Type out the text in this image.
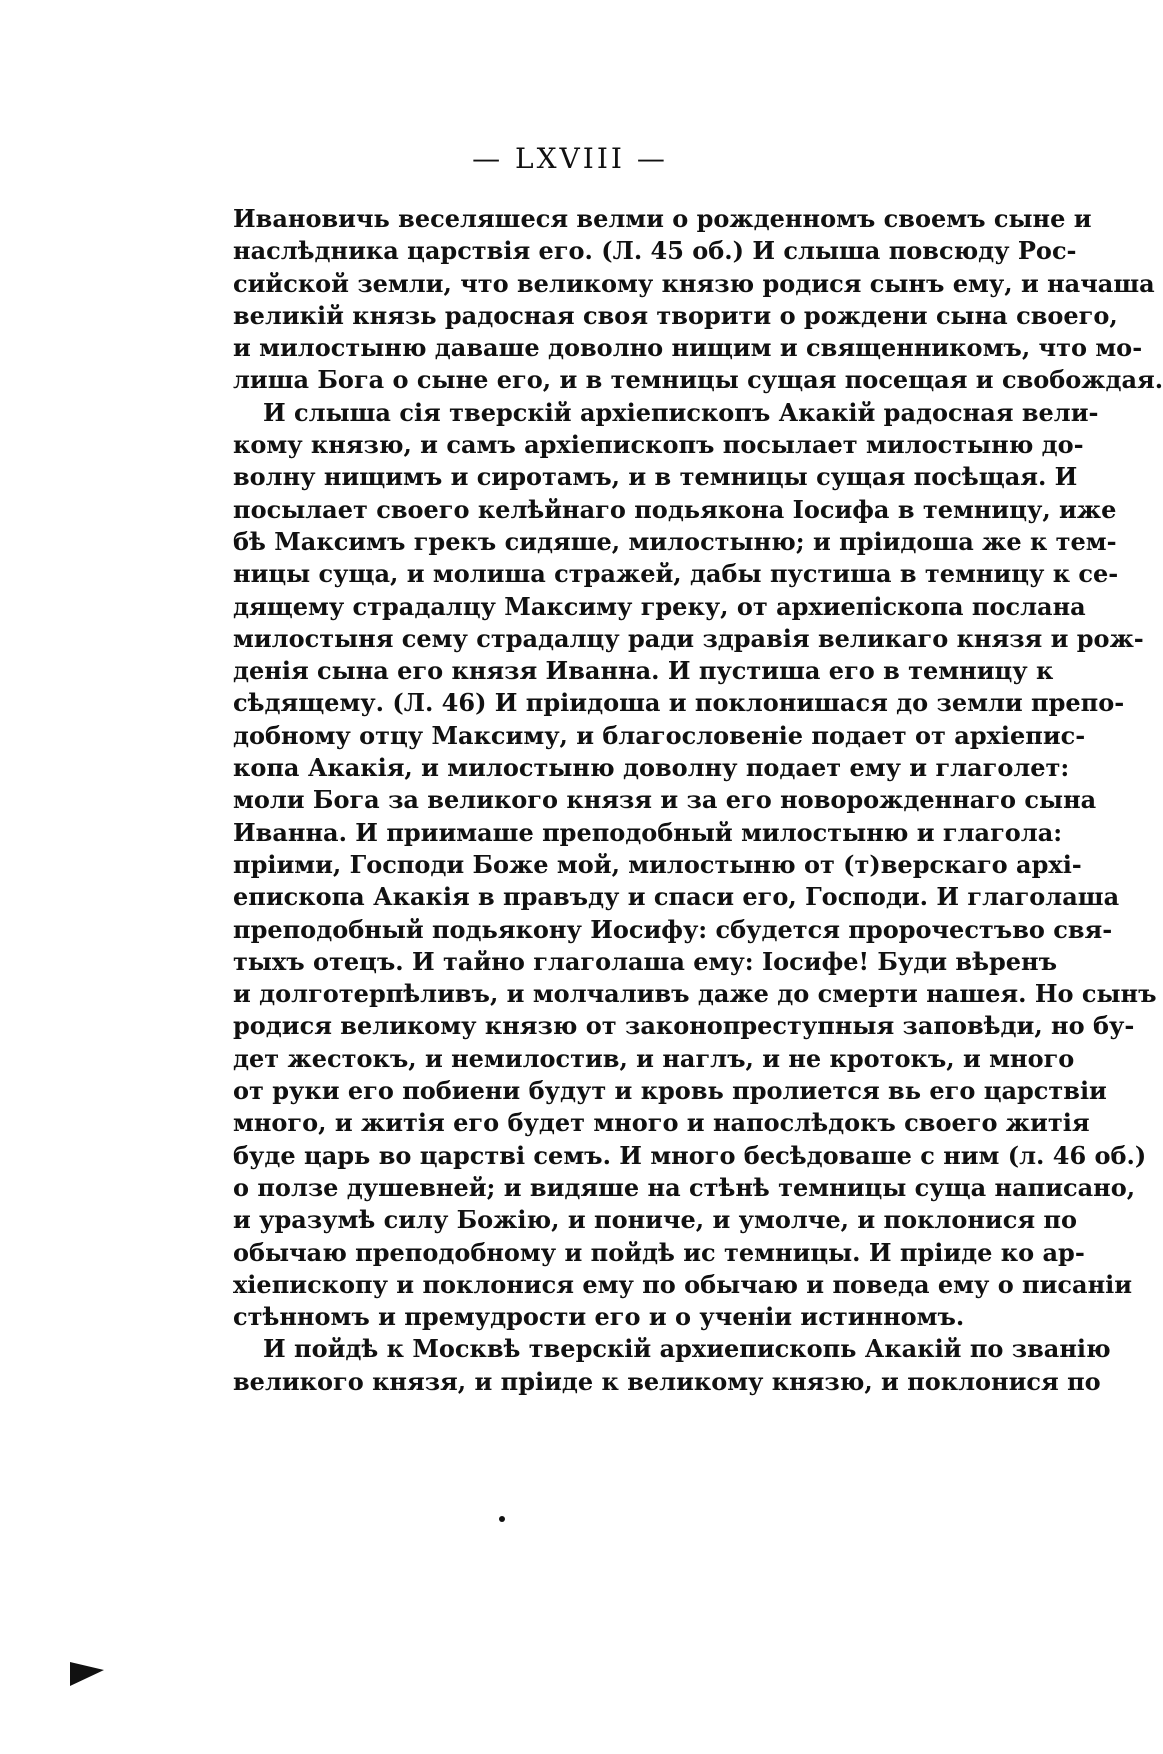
— LXVIII —
Ивановичь веселяшеся велми о рожденномъ своемъ сыне и
наслѣдника царствія его. (Л. 45 об.) И слыша повсюду Рос-
сийской земли, что великому князю родися сынъ ему, и начаша
великій князь радосная своя творити о рождени сына своего,
и милостыню даваше доволно нищим и священникомъ, что мо-
лиша Бога о сыне его, и в темницы сущая посещая и свобождая.
И слыша сія тверскій архіепископъ Акакій радосная вели-
кому князю, и самъ архіепископъ посылает милостыню до-
волну нищимъ и сиротамъ, и в темницы сущая посѣщая. И
посылает своего келѣйнаго подьякона Іосифа в темницу, иже
бѣ Максимъ грекъ сидяше, милостыню; и пріидоша же к тем-
ницы суща, и молиша стражей, дабы пустиша в темницу к се-
дящему страдалцу Максиму греку, от архиепіскопа послана
милостыня сему страдалцу ради здравія великаго князя и рож-
денія сына его князя Иванна. И пустиша его в темницу к
сѣдящему. (Л. 46) И пріидоша и поклонишася до земли препо-
добному отцу Максиму, и благословеніе подает от архіепис-
копа Акакія, и милостыню доволну подает ему и глаголет:
моли Бога за великого князя и за его новорожденнаго сына
Иванна. И приимаше преподобный милостыню и глагола:
пріими, Господи Боже мой, милостыню от (т)верскаго архі-
епископа Акакія в правъду и спаси его, Господи. И глаголаша
преподобный подьякону Иосифу: сбудется пророчестъво свя-
тыхъ отецъ. И тайно глаголаша ему: Іосифе! Буди вѣренъ
и долготерпѣливъ, и молчаливъ даже до смерти нашея. Но сынъ
родися великому князю от законопреступныя заповѣди, но бу-
дет жестокъ, и немилостив, и наглъ, и не кротокъ, и много
от руки его побиени будут и кровь пролиется вь его царствіи
много, и житія его будет много и напослѣдокъ своего житія
буде царь во царстві семъ. И много бесѣдоваше с ним (л. 46 об.)
о ползе душевней; и видяше на стѣнѣ темницы суща написано,
и уразумѣ силу Божію, и пониче, и умолче, и поклонися по
обычаю преподобному и пойдѣ ис темницы. И пріиде ко ар-
хіепископу и поклонися ему по обычаю и поведа ему о писаніи
стѣнномъ и премудрости его и о ученіи истинномъ.
И пойдѣ к Москвѣ тверскій архиепископь Акакій по званію
великого князя, и пріиде к великому князю, и поклонися по
